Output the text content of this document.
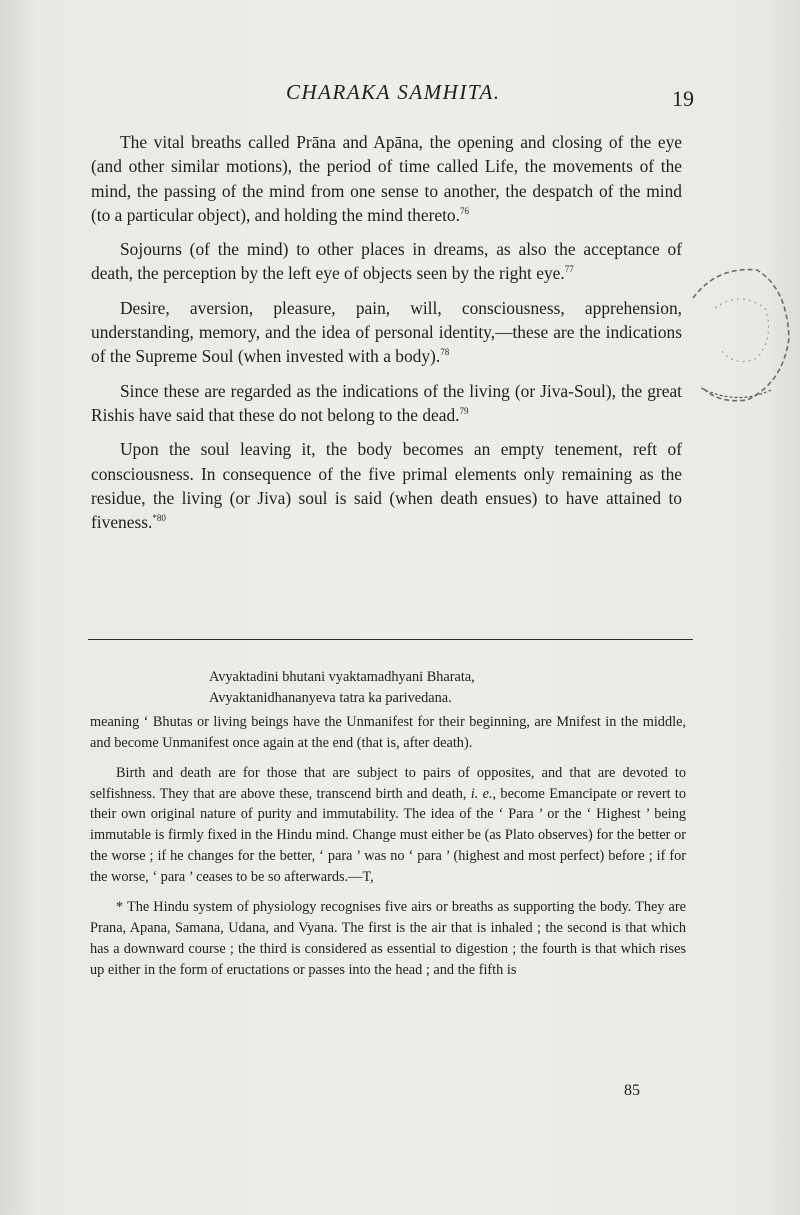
CHARAKA SAMHITA.	19

The vital breaths called Prāna and Apāna, the opening and closing of the eye (and other similar motions), the period of time called Life, the movements of the mind, the passing of the mind from one sense to another, the despatch of the mind (to a particular object), and holding the mind thereto.$^{76}$

Sojourns (of the mind) to other places in dreams, as also the acceptance of death, the perception by the left eye of objects seen by the right eye.$^{77}$

Desire, aversion, pleasure, pain, will, consciousness, apprehension, understanding, memory, and the idea of personal identity,—these are the indications of the Supreme Soul (when invested with a body).$^{78}$

Since these are regarded as the indications of the living (or Jiva-Soul), the great Rishis have said that these do not belong to the dead.$^{79}$

Upon the soul leaving it, the body becomes an empty tenement, reft of consciousness. In consequence of the five primal elements only remaining as the residue, the living (or Jiva) soul is said (when death ensues) to have attained to fiveness.$^{*80}$

Avyaktadini bhutani vyaktamadhyani Bharata,
Avyaktanidhananyeva tatra ka parivedana.

meaning ‘ Bhutas or living beings have the Unmanifest for their beginning, are Mnifest in the middle, and become Unmanifest once again at the end (that is, after death).

Birth and death are for those that are subject to pairs of opposites, and that are devoted to selfishness. They that are above these, transcend birth and death, i. e., become Emancipate or revert to their own original nature of purity and immutability. The idea of the ‘ Para ’ or the ‘ Highest ’ being immutable is firmly fixed in the Hindu mind. Change must either be (as Plato observes) for the better or the worse ; if he changes for the better, ‘ para ’ was no ‘ para ’ (highest and most perfect) before ; if for the worse, ‘ para ’ ceases to be so afterwards.—T,

* The Hindu system of physiology recognises five airs or breaths as supporting the body. They are Prana, Apana, Samana, Udana, and Vyana. The first is the air that is inhaled ; the second is that which has a downward course ; the third is considered as essential to digestion ; the fourth is that which rises up either in the form of eructations or passes into the head ; and the fifth is

85
